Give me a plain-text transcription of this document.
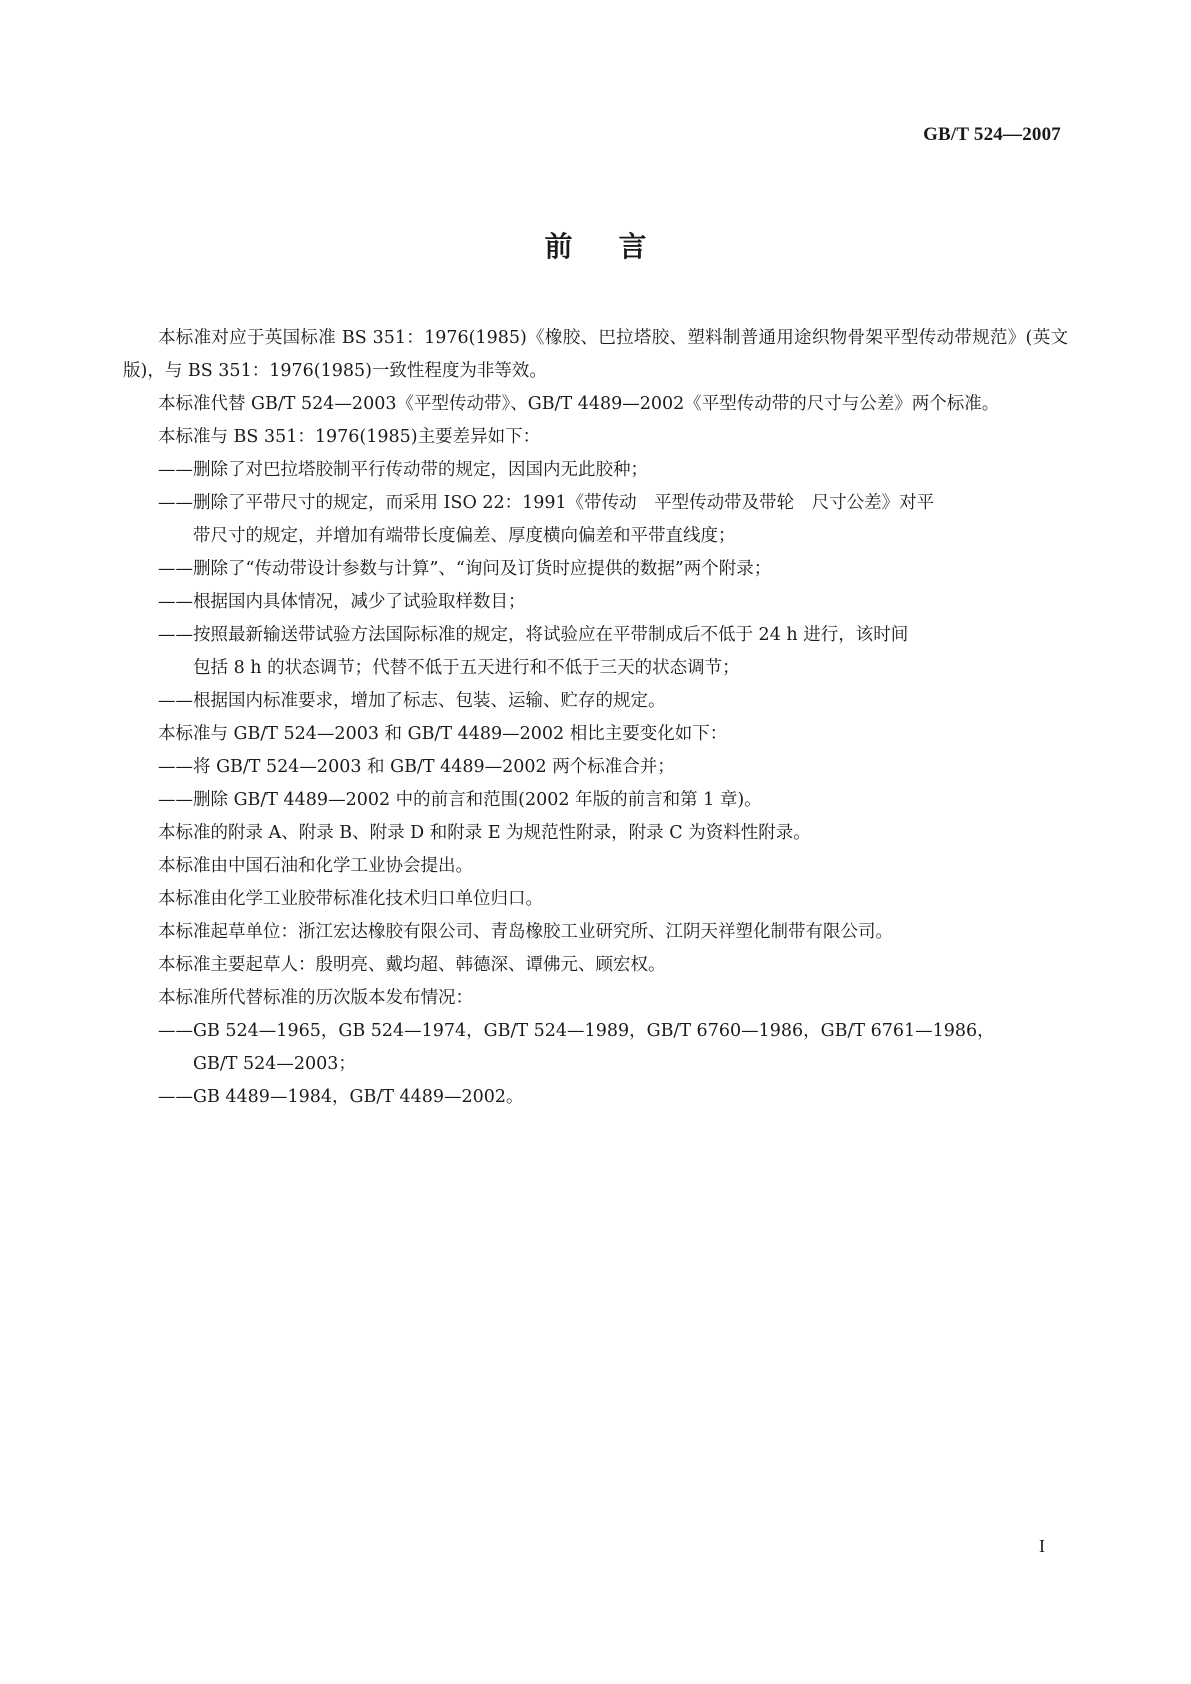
GB/T 524—2007
前言

本标准对应于英国标准 BS 351：1976(1985)《橡胶、巴拉塔胶、塑料制普通用途织物骨架平型传动带规范》(英文版)，与 BS 351：1976(1985)一致性程度为非等效。

本标准代替 GB/T 524—2003《平型传动带》、GB/T 4489—2002《平型传动带的尺寸与公差》两个标准。

本标准与 BS 351：1976(1985)主要差异如下：

——删除了对巴拉塔胶制平行传动带的规定，因国内无此胶种；

——删除了平带尺寸的规定，而采用 ISO 22：1991《带传动　平型传动带及带轮　尺寸公差》对平
带尺寸的规定，并增加有端带长度偏差、厚度横向偏差和平带直线度；

——删除了“传动带设计参数与计算”、“询问及订货时应提供的数据”两个附录；

——根据国内具体情况，减少了试验取样数目；

——按照最新输送带试验方法国际标准的规定，将试验应在平带制成后不低于 24 h 进行，该时间
包括 8 h 的状态调节；代替不低于五天进行和不低于三天的状态调节；

——根据国内标准要求，增加了标志、包装、运输、贮存的规定。

本标准与 GB/T 524—2003 和 GB/T 4489—2002 相比主要变化如下：

——将 GB/T 524—2003 和 GB/T 4489—2002 两个标准合并；

——删除 GB/T 4489—2002 中的前言和范围(2002 年版的前言和第 1 章)。

本标准的附录 A、附录 B、附录 D 和附录 E 为规范性附录，附录 C 为资料性附录。

本标准由中国石油和化学工业协会提出。

本标准由化学工业胶带标准化技术归口单位归口。

本标准起草单位：浙江宏达橡胶有限公司、青岛橡胶工业研究所、江阴天祥塑化制带有限公司。

本标准主要起草人：殷明亮、戴均超、韩德深、谭佛元、顾宏权。

本标准所代替标准的历次版本发布情况：

——GB 524—1965，GB 524—1974，GB/T 524—1989，GB/T 6760—1986，GB/T 6761—1986，
GB/T 524—2003；

——GB 4489—1984，GB/T 4489—2002。

I
